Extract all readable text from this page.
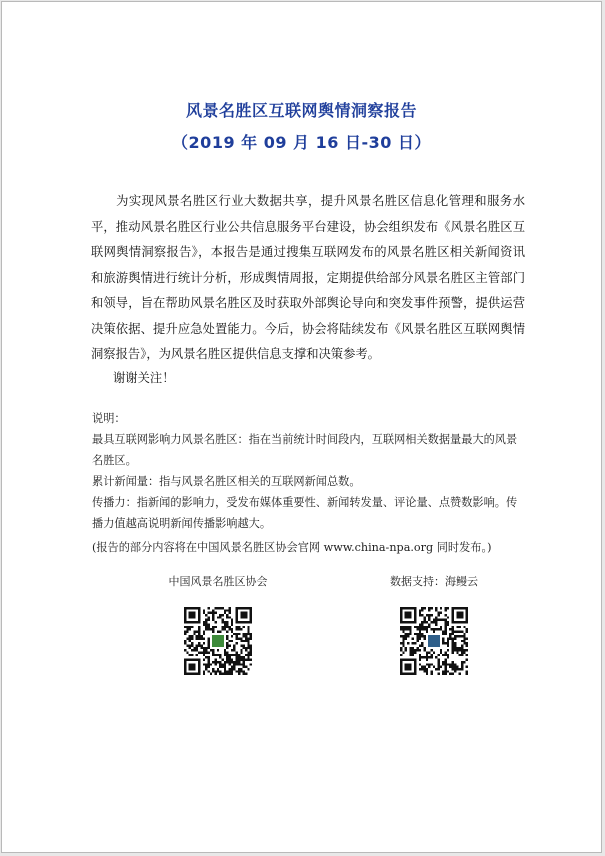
风景名胜区互联网舆情洞察报告
（2019 年 09 月 16 日-30 日）

  为实现风景名胜区行业大数据共享，提升风景名胜区信息化管理和服务水平，推动风景名胜区行业公共信息服务平台建设，协会组织发布《风景名胜区互联网舆情洞察报告》，本报告是通过搜集互联网发布的风景名胜区相关新闻资讯和旅游舆情进行统计分析，形成舆情周报，定期提供给部分风景名胜区主管部门和领导，旨在帮助风景名胜区及时获取外部舆论导向和突发事件预警，提供运营决策依据、提升应急处置能力。今后，协会将陆续发布《风景名胜区互联网舆情洞察报告》，为风景名胜区提供信息支撑和决策参考。

谢谢关注！

说明：

最具互联网影响力风景名胜区：指在当前统计时间段内，互联网相关数据量最大的风景名胜区。

累计新闻量：指与风景名胜区相关的互联网新闻总数。

传播力：指新闻的影响力，受发布媒体重要性、新闻转发量、评论量、点赞数影响。传播力值越高说明新闻传播影响越大。

(报告的部分内容将在中国风景名胜区协会官网 www.china-npa.org 同时发布。)

中国风景名胜区协会	数据支持：海鳗云
